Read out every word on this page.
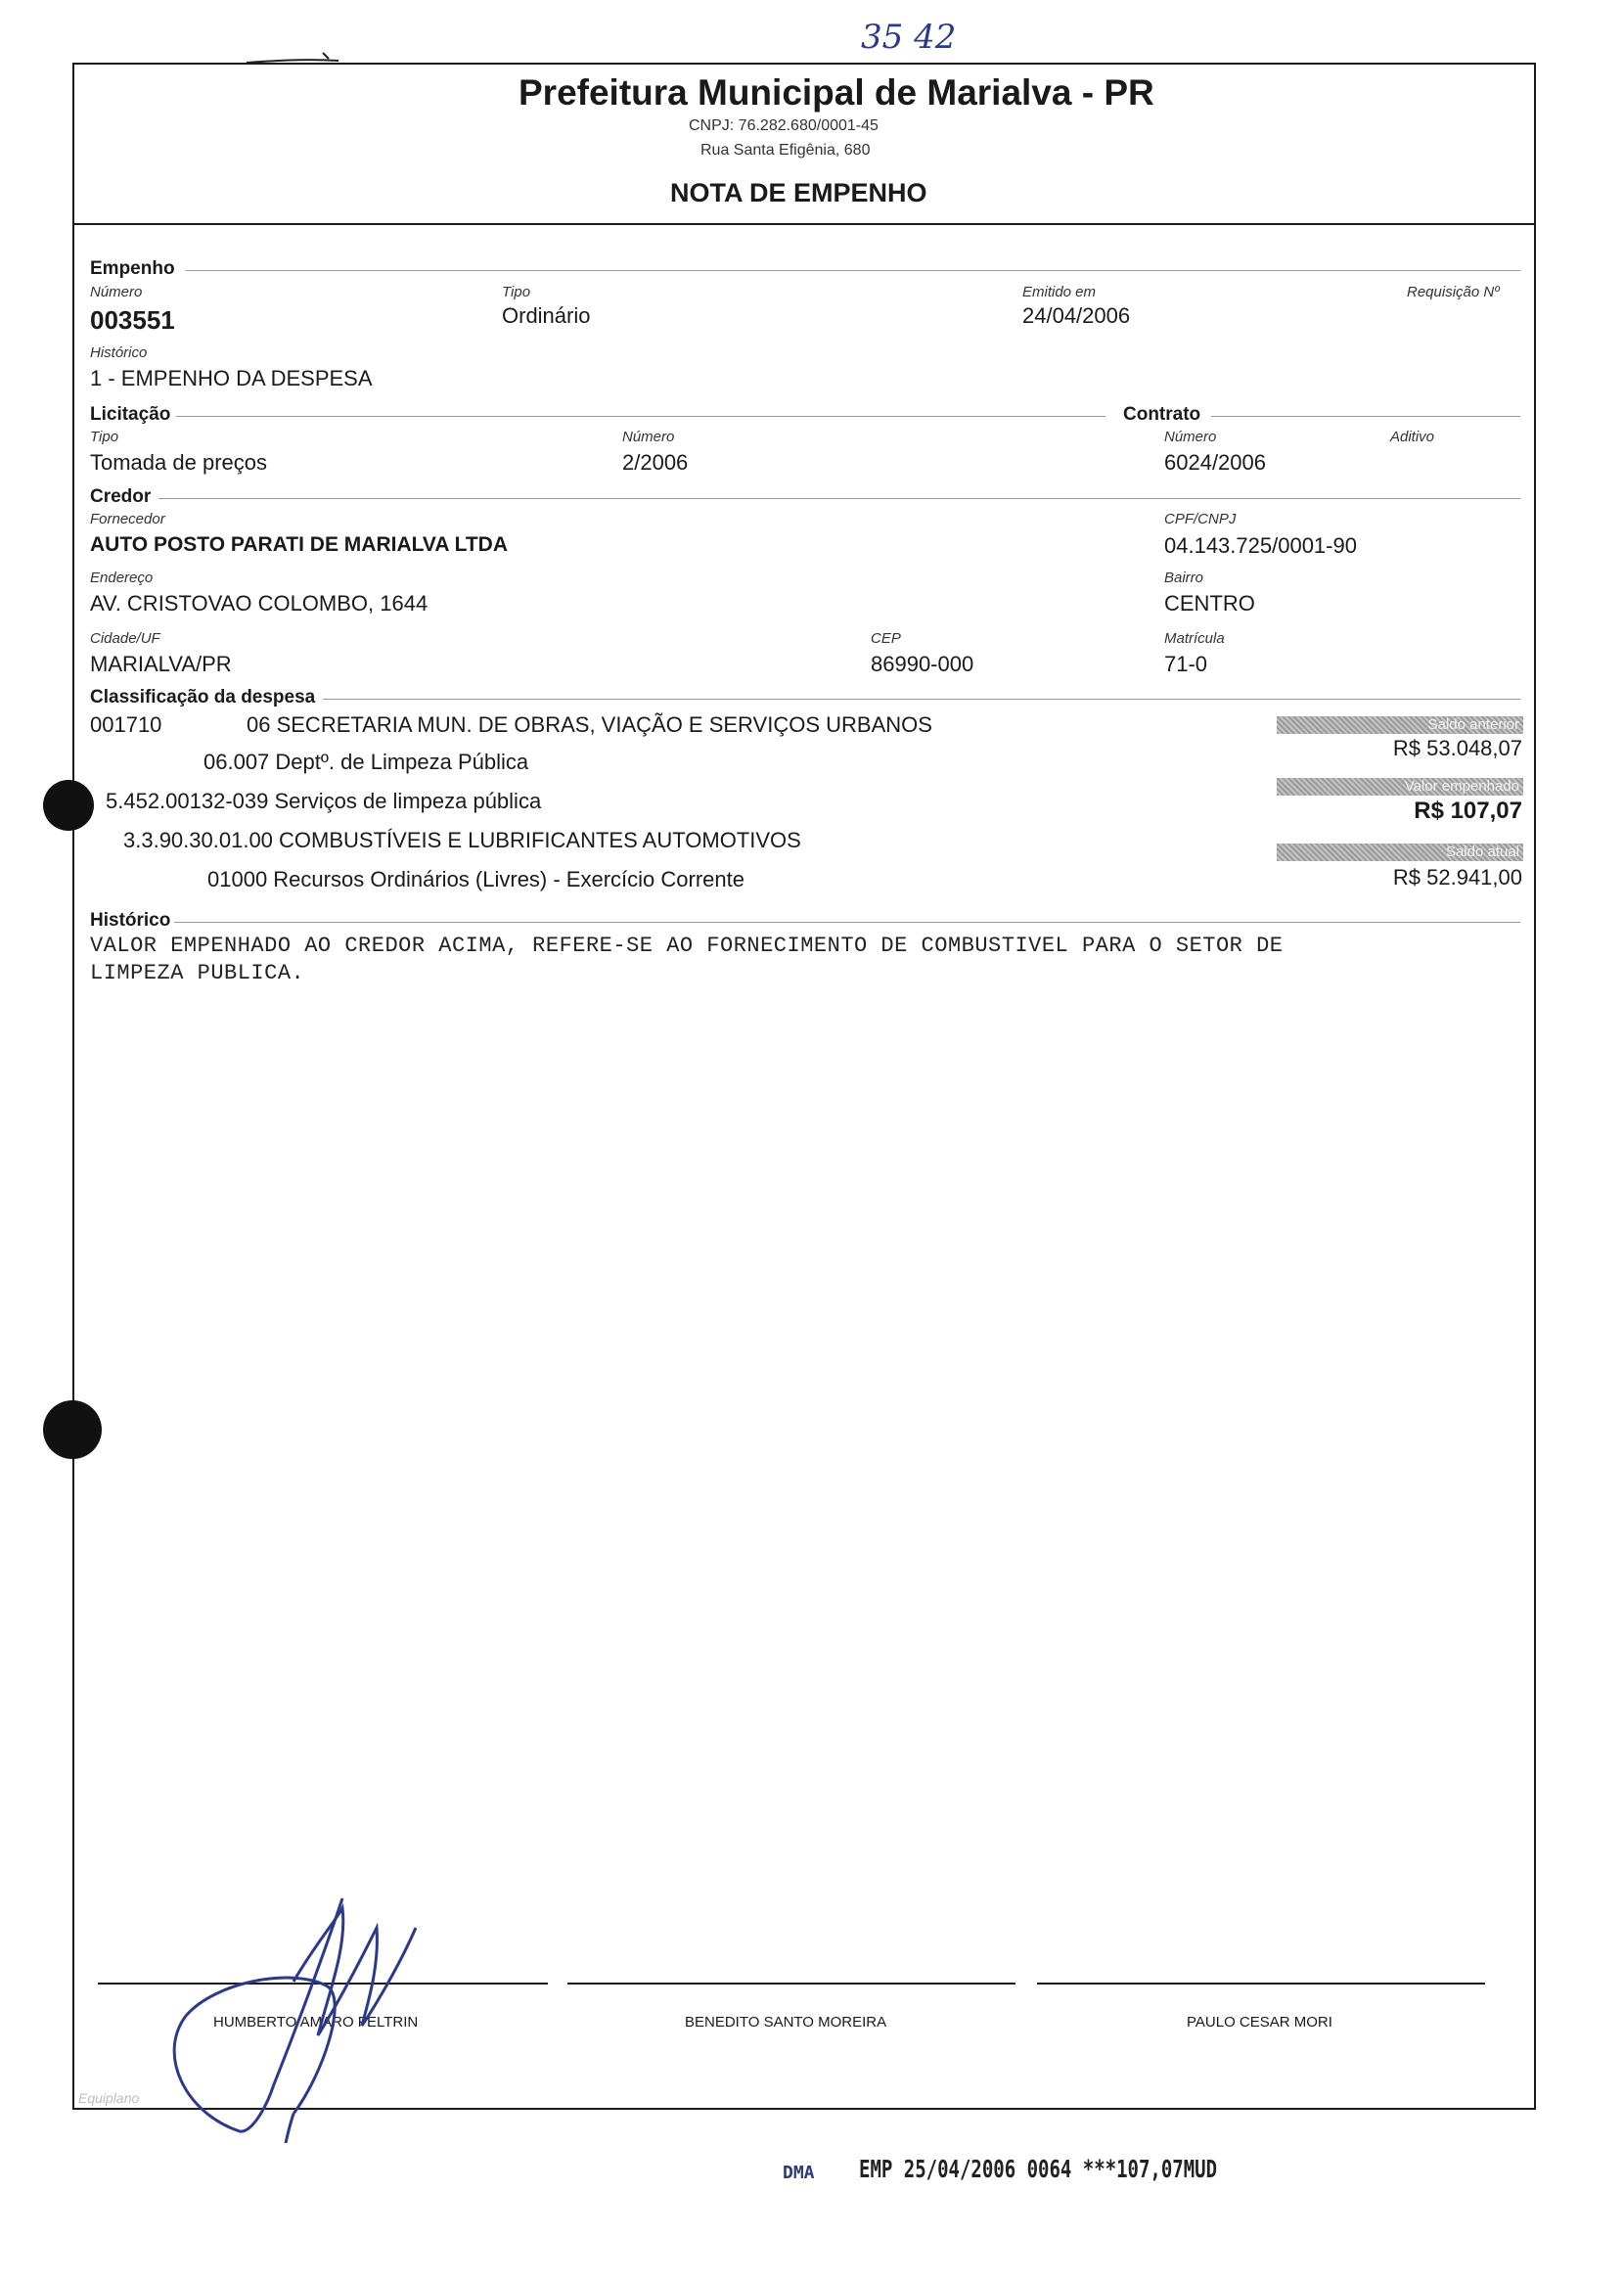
35 42
Prefeitura Municipal de Marialva - PR
CNPJ: 76.282.680/0001-45
Rua Santa Efigênia, 680
NOTA DE EMPENHO
Empenho
Número
003551
Tipo
Ordinário
Emitido em
24/04/2006
Requisição Nº
Histórico
1 - EMPENHO DA DESPESA
Licitação	Contrato
Tipo
Tomada de preços
Número
2/2006
Número
6024/2006
Aditivo
Credor
Fornecedor
AUTO POSTO PARATI DE MARIALVA LTDA
CPF/CNPJ
04.143.725/0001-90
Endereço
AV. CRISTOVAO COLOMBO, 1644
Bairro
CENTRO
Cidade/UF
MARIALVA/PR
CEP
86990-000
Matrícula
71-0
Classificação da despesa
001710	06 SECRETARIA MUN. DE OBRAS, VIAÇÃO E SERVIÇOS URBANOS
06.007 Deptº. de Limpeza Pública
5.452.00132-039 Serviços de limpeza pública
3.3.90.30.01.00 COMBUSTÍVEIS E LUBRIFICANTES AUTOMOTIVOS
01000 Recursos Ordinários (Livres) - Exercício Corrente
Saldo anterior
R$ 53.048,07
Valor empenhado
R$ 107,07
Saldo atual
R$ 52.941,00
Histórico
VALOR EMPENHADO AO CREDOR ACIMA, REFERE-SE AO FORNECIMENTO DE COMBUSTIVEL PARA O SETOR DE
LIMPEZA PUBLICA.
HUMBERTO AMARO FELTRIN	BENEDITO SANTO MOREIRA	PAULO CESAR MORI
Equiplano
DMA EMP 25/04/2006 0064 ***107,07MUD
